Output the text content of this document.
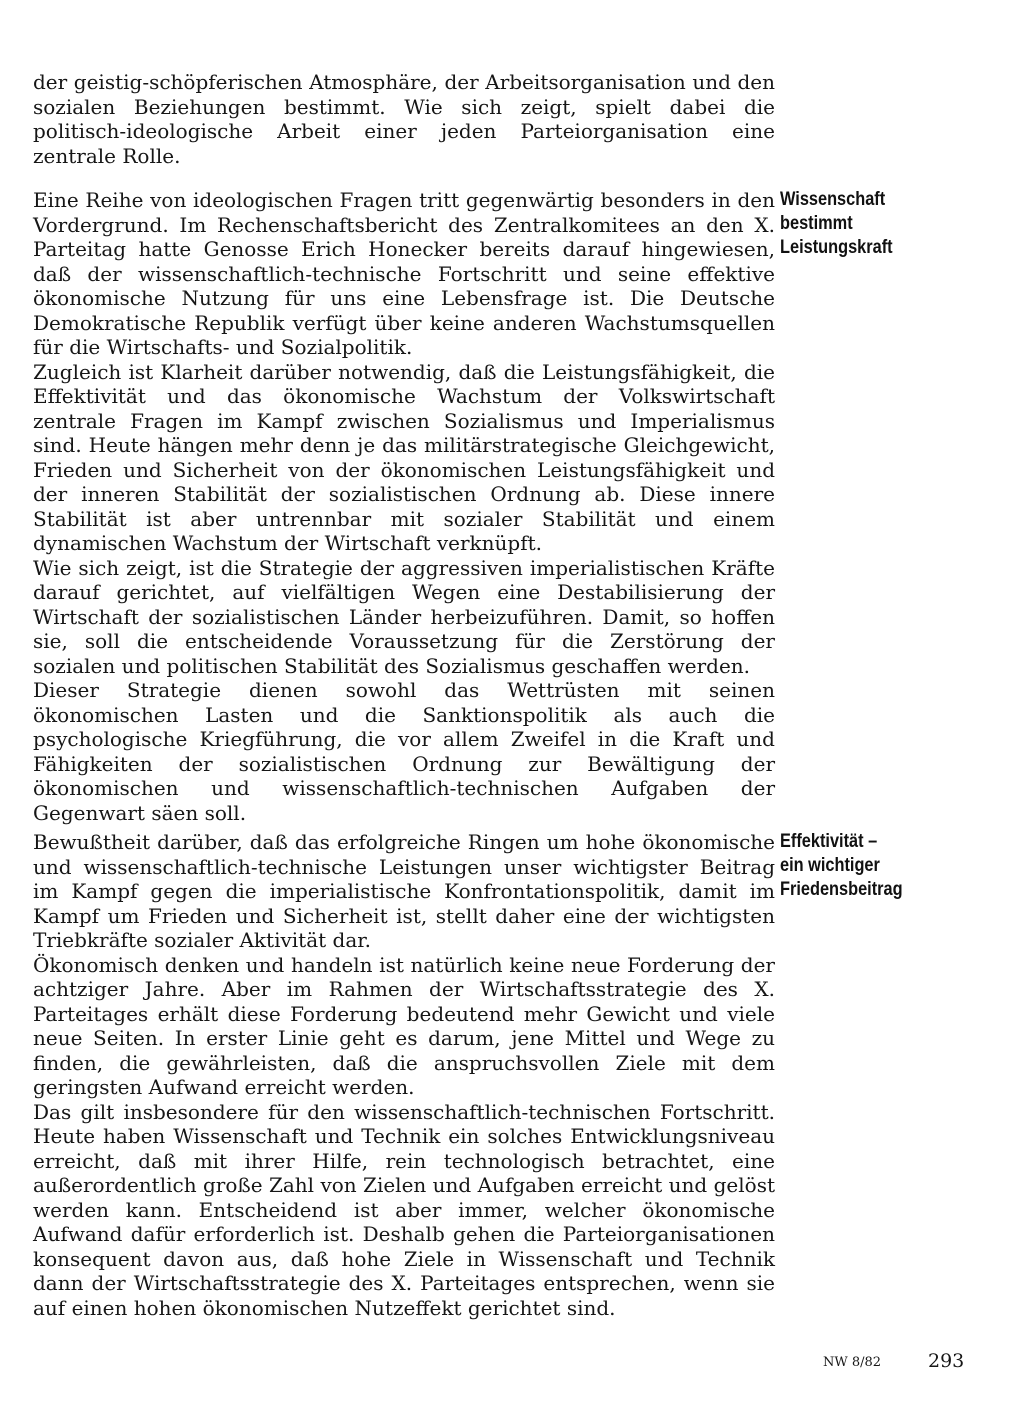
der geistig-schöpferischen Atmosphäre, der Arbeitsorganisation und den sozialen Beziehungen bestimmt. Wie sich zeigt, spielt dabei die politisch-ideologische Arbeit einer jeden Parteiorganisation eine zentrale Rolle.

Eine Reihe von ideologischen Fragen tritt gegenwärtig besonders in den Vordergrund. Im Rechenschaftsbericht des Zentralkomitees an den X. Parteitag hatte Genosse Erich Honecker bereits darauf hingewiesen, daß der wissenschaftlich-technische Fortschritt und seine effektive ökonomische Nutzung für uns eine Lebensfrage ist. Die Deutsche Demokratische Republik verfügt über keine anderen Wachstumsquellen für die Wirtschafts- und Sozialpolitik.

Zugleich ist Klarheit darüber notwendig, daß die Leistungsfähigkeit, die Effektivität und das ökonomische Wachstum der Volkswirtschaft zentrale Fragen im Kampf zwischen Sozialismus und Imperialismus sind. Heute hängen mehr denn je das militärstrategische Gleichgewicht, Frieden und Sicherheit von der ökonomischen Leistungsfähigkeit und der inneren Stabilität der sozialistischen Ordnung ab. Diese innere Stabilität ist aber untrennbar mit sozialer Stabilität und einem dynamischen Wachstum der Wirtschaft verknüpft.

Wie sich zeigt, ist die Strategie der aggressiven imperialistischen Kräfte darauf gerichtet, auf vielfältigen Wegen eine Destabilisierung der Wirtschaft der sozialistischen Länder herbeizuführen. Damit, so hoffen sie, soll die entscheidende Voraussetzung für die Zerstörung der sozialen und politischen Stabilität des Sozialismus geschaffen werden.

Dieser Strategie dienen sowohl das Wettrüsten mit seinen ökonomischen Lasten und die Sanktionspolitik als auch die psychologische Kriegführung, die vor allem Zweifel in die Kraft und Fähigkeiten der sozialistischen Ordnung zur Bewältigung der ökonomischen und wissenschaftlich-technischen Aufgaben der Gegenwart säen soll.

Wissenschaft
bestimmt
Leistungskraft

Bewußtheit darüber, daß das erfolgreiche Ringen um hohe ökonomische und wissenschaftlich-technische Leistungen unser wichtigster Beitrag im Kampf gegen die imperialistische Konfrontationspolitik, damit im Kampf um Frieden und Sicherheit ist, stellt daher eine der wichtigsten Triebkräfte sozialer Aktivität dar.

Ökonomisch denken und handeln ist natürlich keine neue Forderung der achtziger Jahre. Aber im Rahmen der Wirtschaftsstrategie des X. Parteitages erhält diese Forderung bedeutend mehr Gewicht und viele neue Seiten. In erster Linie geht es darum, jene Mittel und Wege zu finden, die gewährleisten, daß die anspruchsvollen Ziele mit dem geringsten Aufwand erreicht werden.

Das gilt insbesondere für den wissenschaftlich-technischen Fortschritt. Heute haben Wissenschaft und Technik ein solches Entwicklungsniveau erreicht, daß mit ihrer Hilfe, rein technologisch betrachtet, eine außerordentlich große Zahl von Zielen und Aufgaben erreicht und gelöst werden kann. Entscheidend ist aber immer, welcher ökonomische Aufwand dafür erforderlich ist. Deshalb gehen die Parteiorganisationen konsequent davon aus, daß hohe Ziele in Wissenschaft und Technik dann der Wirtschaftsstrategie des X. Parteitages entsprechen, wenn sie auf einen hohen ökonomischen Nutzeffekt gerichtet sind.

Effektivität –
ein wichtiger
Friedensbeitrag
NW 8/82 293
